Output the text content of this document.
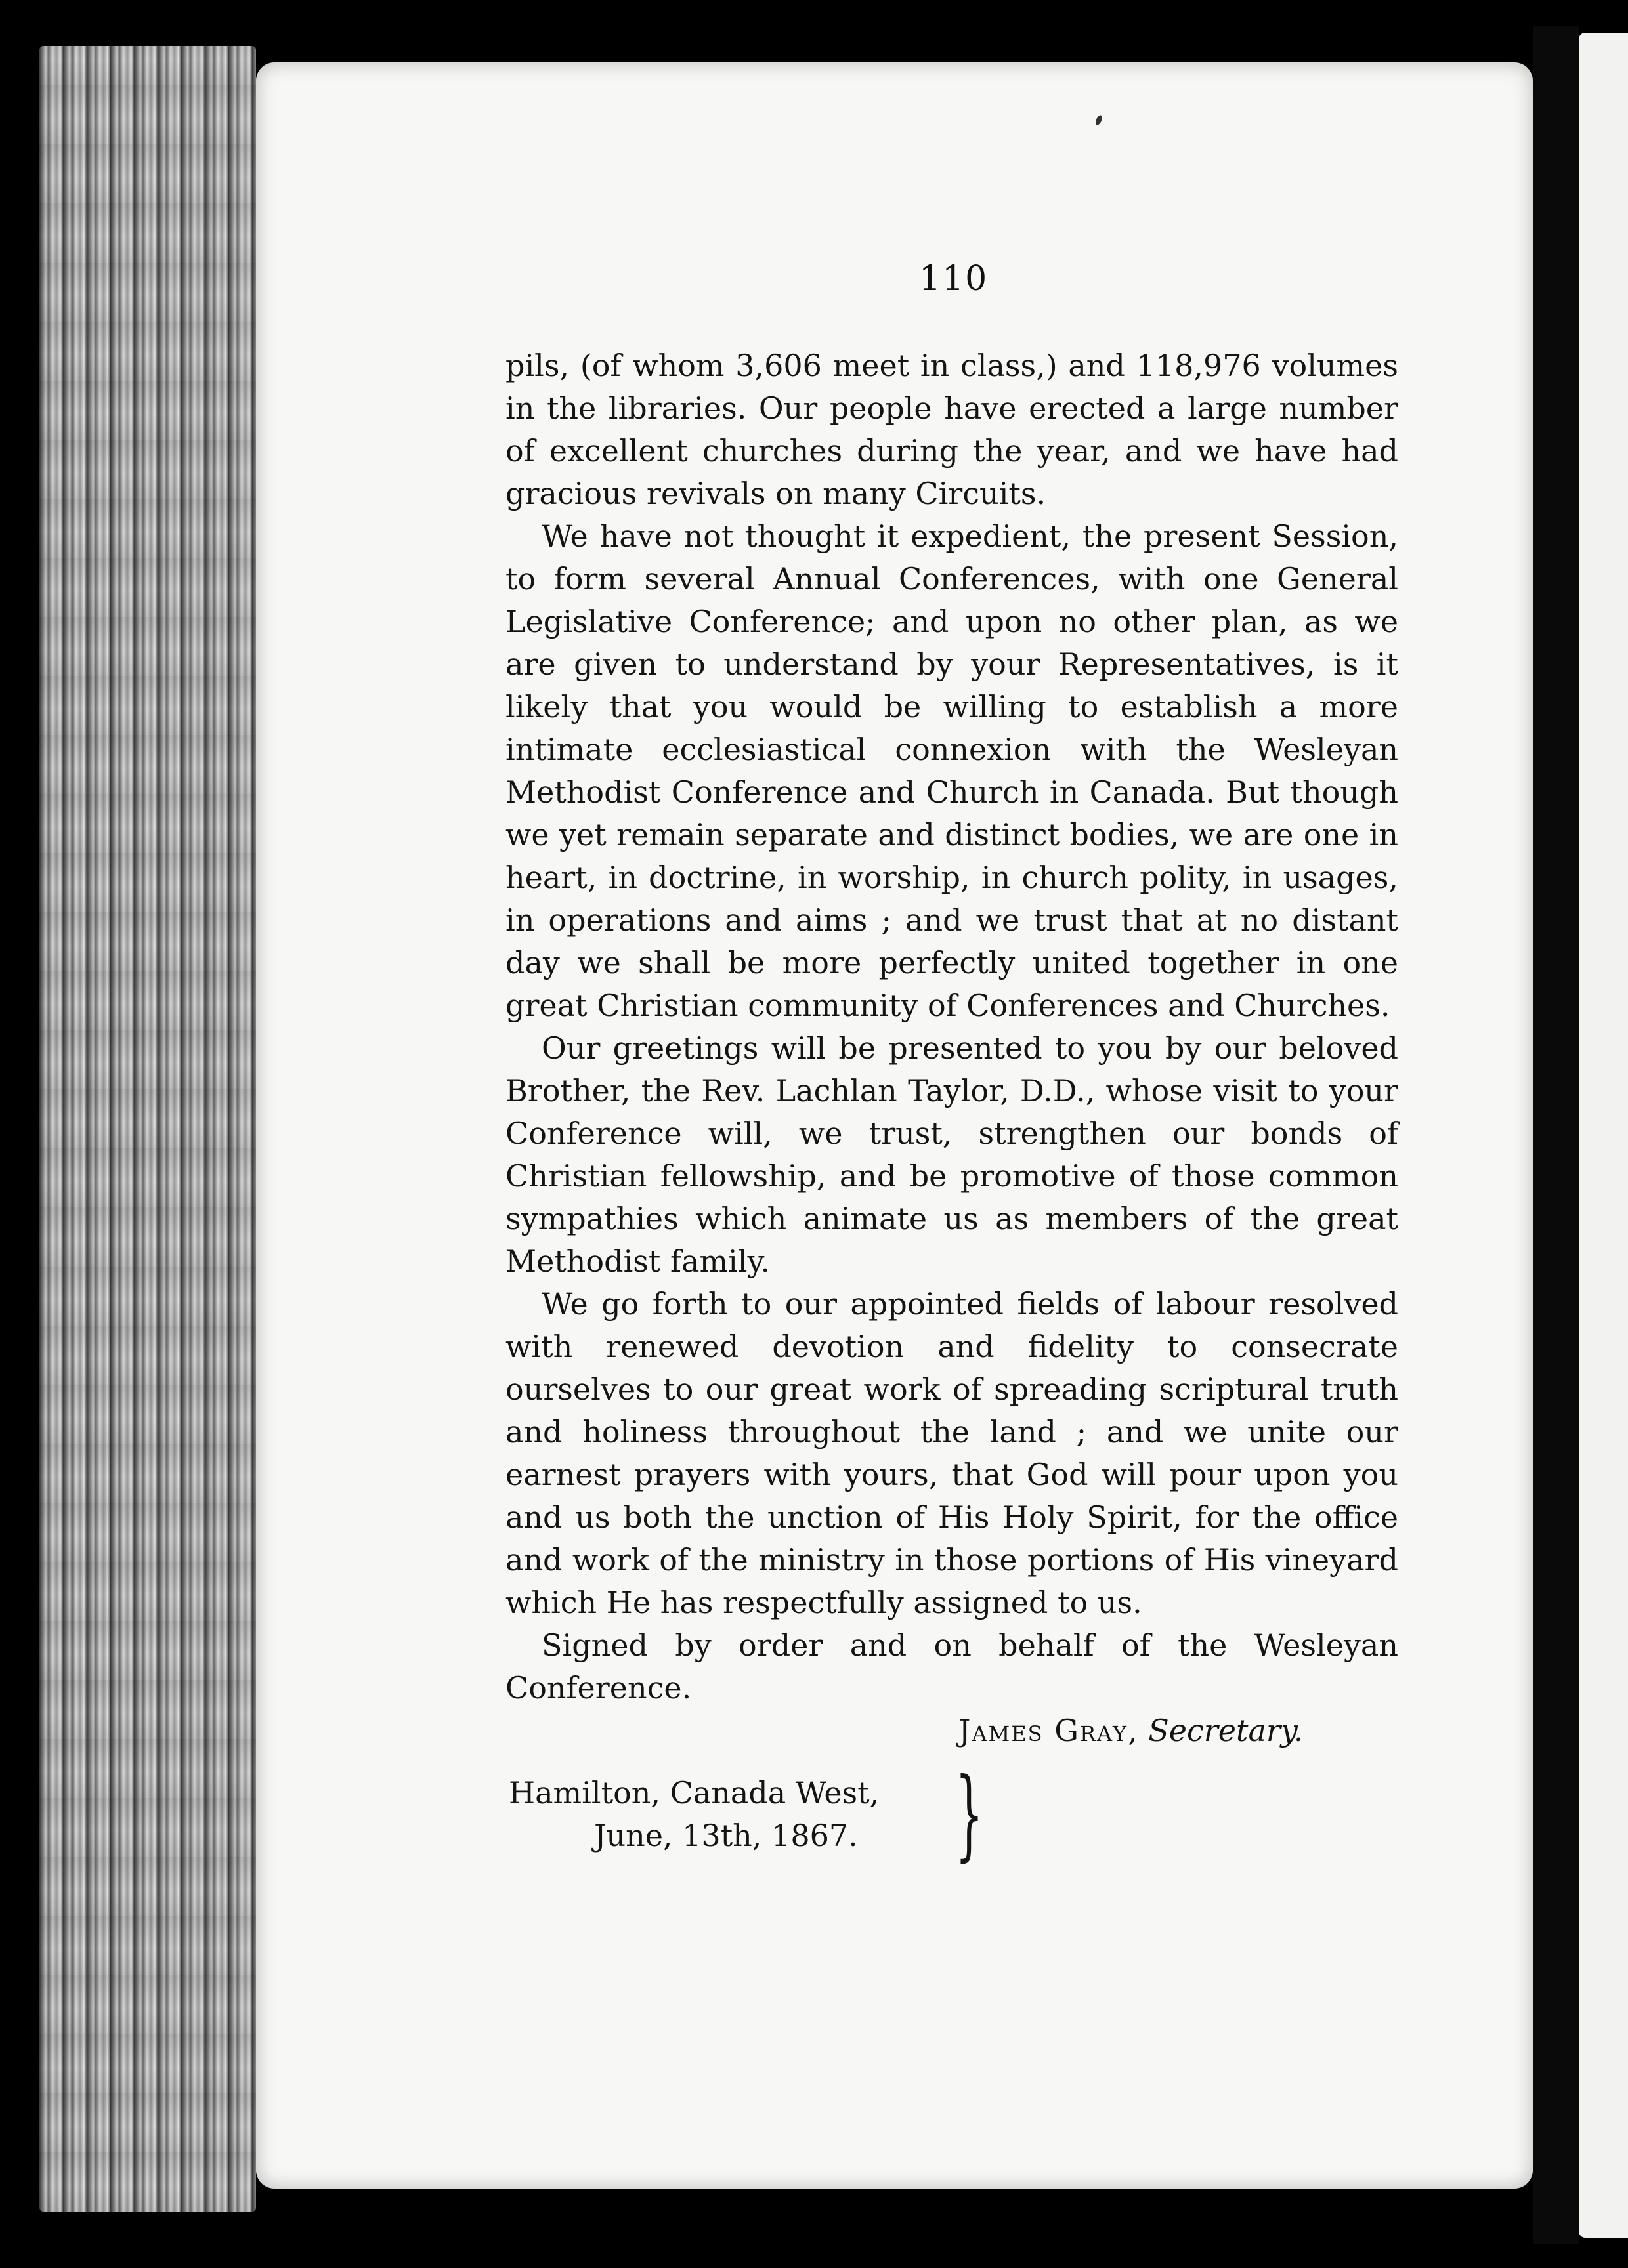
110

pils, (of whom 3,606 meet in class,) and 118,976 volumes in the libraries. Our people have erected a large number of excellent churches during the year, and we have had gracious revivals on many Circuits.

We have not thought it expedient, the present Session, to form several Annual Conferences, with one General Legislative Conference; and upon no other plan, as we are given to understand by your Representatives, is it likely that you would be willing to establish a more intimate ecclesiastical connexion with the Wesleyan Methodist Conference and Church in Canada. But though we yet remain separate and distinct bodies, we are one in heart, in doctrine, in worship, in church polity, in usages, in operations and aims ; and we trust that at no distant day we shall be more perfectly united together in one great Christian community of Conferences and Churches.

Our greetings will be presented to you by our beloved Brother, the Rev. Lachlan Taylor, D.D., whose visit to your Conference will, we trust, strengthen our bonds of Christian fellowship, and be promotive of those common sympathies which animate us as members of the great Methodist family.

We go forth to our appointed fields of labour resolved with renewed devotion and fidelity to consecrate ourselves to our great work of spreading scriptural truth and holiness throughout the land ; and we unite our earnest prayers with yours, that God will pour upon you and us both the unction of His Holy Spirit, for the office and work of the ministry in those portions of His vineyard which He has respectfully assigned to us.

Signed by order and on behalf of the Wesleyan Conference.

James Gray, Secretary.
Hamilton, Canada West,
June, 13th, 1867. }
